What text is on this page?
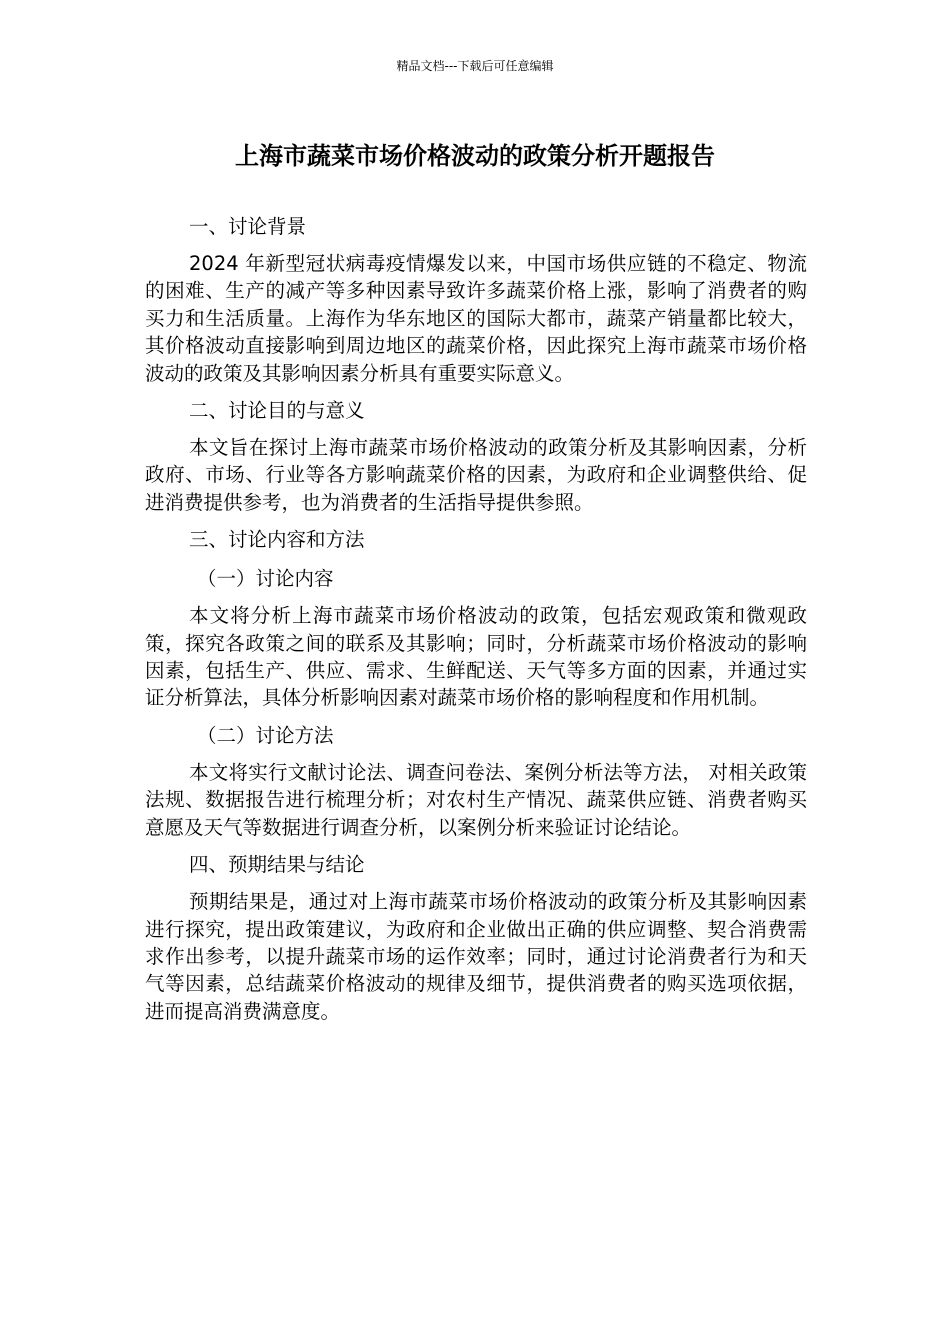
精品文档---下载后可任意编辑
上海市蔬菜市场价格波动的政策分析开题报告
一、讨论背景

2024 年新型冠状病毒疫情爆发以来，中国市场供应链的不稳定、物流的困难、生产的减产等多种因素导致许多蔬菜价格上涨，影响了消费者的购买力和生活质量。上海作为华东地区的国际大都市，蔬菜产销量都比较大，其价格波动直接影响到周边地区的蔬菜价格，因此探究上海市蔬菜市场价格波动的政策及其影响因素分析具有重要实际意义。

二、讨论目的与意义

本文旨在探讨上海市蔬菜市场价格波动的政策分析及其影响因素，分析政府、市场、行业等各方影响蔬菜价格的因素，为政府和企业调整供给、促进消费提供参考，也为消费者的生活指导提供参照。

三、讨论内容和方法
（一）讨论内容

本文将分析上海市蔬菜市场价格波动的政策，包括宏观政策和微观政策，探究各政策之间的联系及其影响；同时，分析蔬菜市场价格波动的影响因素，包括生产、供应、需求、生鲜配送、天气等多方面的因素，并通过实证分析算法，具体分析影响因素对蔬菜市场价格的影响程度和作用机制。

（二）讨论方法

本文将实行文献讨论法、调查问卷法、案例分析法等方法， 对相关政策法规、数据报告进行梳理分析；对农村生产情况、蔬菜供应链、消费者购买意愿及天气等数据进行调查分析，以案例分析来验证讨论结论。

四、预期结果与结论

预期结果是，通过对上海市蔬菜市场价格波动的政策分析及其影响因素进行探究，提出政策建议，为政府和企业做出正确的供应调整、契合消费需求作出参考，以提升蔬菜市场的运作效率；同时，通过讨论消费者行为和天气等因素，总结蔬菜价格波动的规律及细节，提供消费者的购买选项依据，进而提高消费满意度。
